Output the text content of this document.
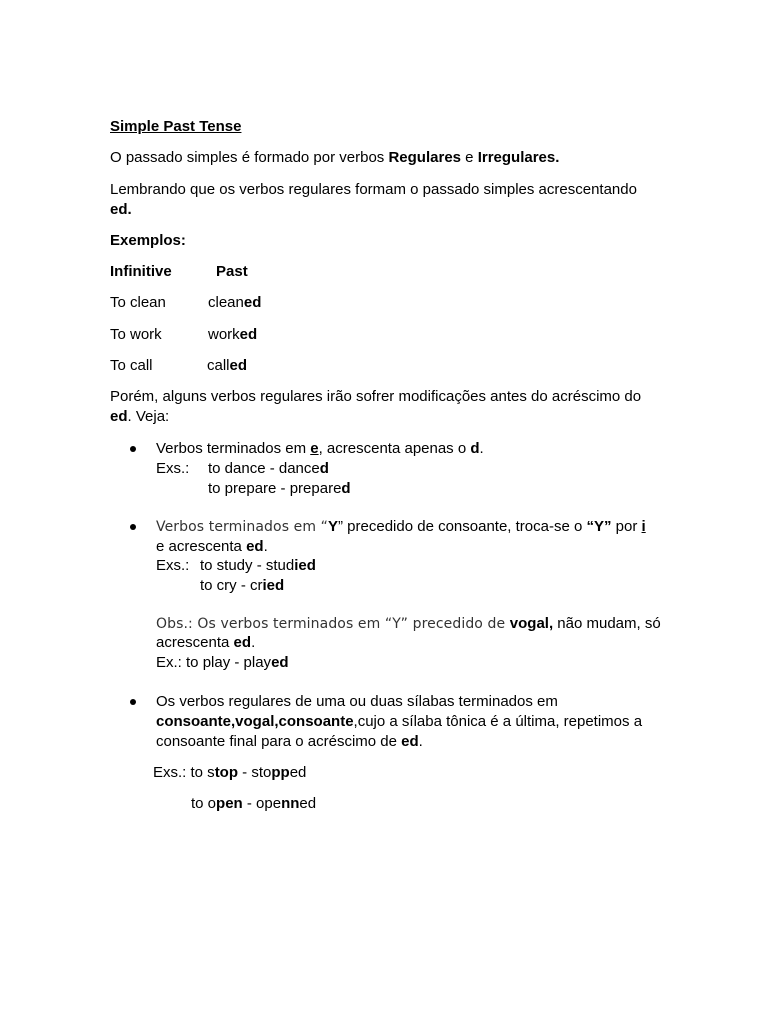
Simple Past Tense
O passado simples é formado por verbos Regulares e Irregulares.
Lembrando que os verbos regulares formam o passado simples acrescentando
ed.
Exemplos:
Infinitive	Past
To clean	cleaned
To work	worked
To call	called
Porém, alguns verbos regulares irão sofrer modificações antes do acréscimo do
ed. Veja:
Verbos terminados em e, acrescenta apenas o d.
Exs.: to dance - danced
to prepare - prepared
Verbos terminados em “Y” precedido de consoante, troca-se o “Y” por i
e acrescenta ed.
Exs.: to study - studied
to cry - cried
Obs.: Os verbos terminados em “Y” precedido de vogal, não mudam, só
acrescenta ed.
Ex.: to play - played
Os verbos regulares de uma ou duas sílabas terminados em
consoante,vogal,consoante,cujo a sílaba tônica é a última, repetimos a
consoante final para o acréscimo de ed.
Exs.: to stop - stopped
to open - openned
